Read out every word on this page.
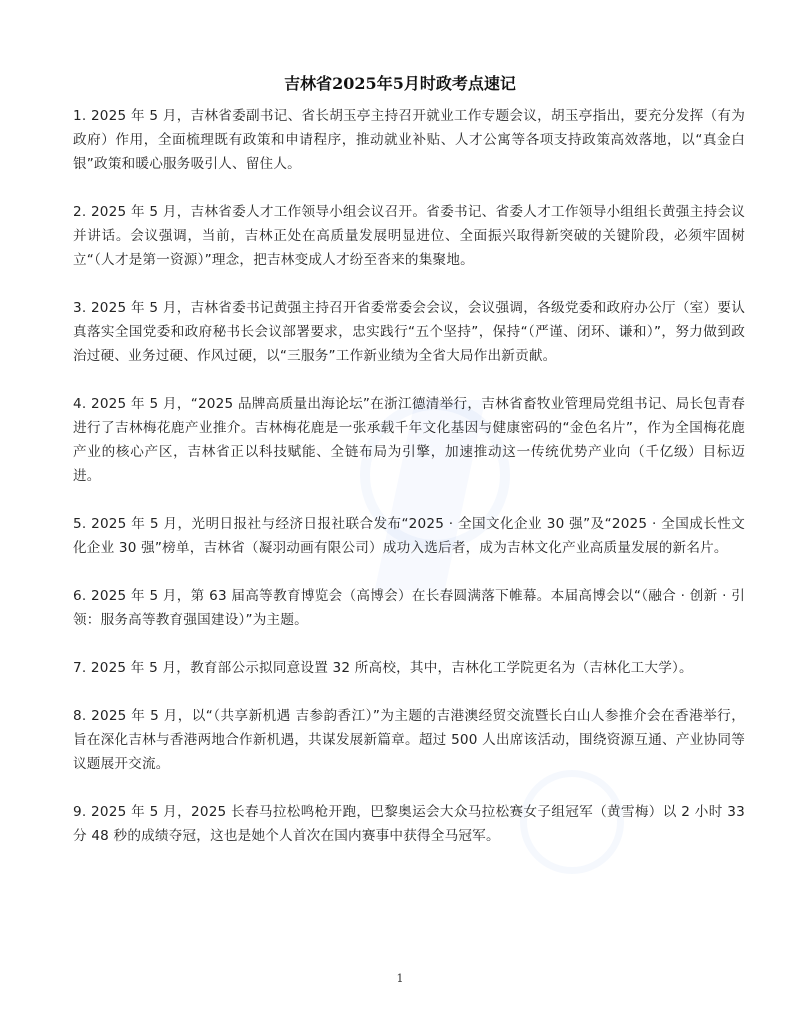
吉林省2025年5月时政考点速记

1. 2025 年 5 月，吉林省委副书记、省长胡玉亭主持召开就业工作专题会议，胡玉亭指出，要充分发挥（有为政府）作用，全面梳理既有政策和申请程序，推动就业补贴、人才公寓等各项支持政策高效落地，以“真金白银”政策和暖心服务吸引人、留住人。

2. 2025 年 5 月，吉林省委人才工作领导小组会议召开。省委书记、省委人才工作领导小组组长黄强主持会议并讲话。会议强调，当前，吉林正处在高质量发展明显进位、全面振兴取得新突破的关键阶段，必须牢固树立“（人才是第一资源）”理念，把吉林变成人才纷至沓来的集聚地。

3. 2025 年 5 月，吉林省委书记黄强主持召开省委常委会会议，会议强调，各级党委和政府办公厅（室）要认真落实全国党委和政府秘书长会议部署要求，忠实践行“五个坚持”，保持“（严谨、闭环、谦和）”，努力做到政治过硬、业务过硬、作风过硬，以“三服务”工作新业绩为全省大局作出新贡献。

4. 2025 年 5 月，“2025 品牌高质量出海论坛”在浙江德清举行，吉林省畜牧业管理局党组书记、局长包青春进行了吉林梅花鹿产业推介。吉林梅花鹿是一张承载千年文化基因与健康密码的“金色名片”，作为全国梅花鹿产业的核心产区，吉林省正以科技赋能、全链布局为引擎，加速推动这一传统优势产业向（千亿级）目标迈进。

5. 2025 年 5 月，光明日报社与经济日报社联合发布“2025 · 全国文化企业 30 强”及“2025 · 全国成长性文化企业 30 强”榜单，吉林省（凝羽动画有限公司）成功入选后者，成为吉林文化产业高质量发展的新名片。

6. 2025 年 5 月，第 63 届高等教育博览会（高博会）在长春圆满落下帷幕。本届高博会以“（融合 · 创新 · 引领：服务高等教育强国建设）”为主题。

7. 2025 年 5 月，教育部公示拟同意设置 32 所高校，其中，吉林化工学院更名为（吉林化工大学）。

8. 2025 年 5 月，以“（共享新机遇 吉参韵香江）”为主题的吉港澳经贸交流暨长白山人参推介会在香港举行，旨在深化吉林与香港两地合作新机遇，共谋发展新篇章。超过 500 人出席该活动，围绕资源互通、产业协同等议题展开交流。

9. 2025 年 5 月，2025 长春马拉松鸣枪开跑，巴黎奥运会大众马拉松赛女子组冠军（黄雪梅）以 2 小时 33 分 48 秒的成绩夺冠，这也是她个人首次在国内赛事中获得全马冠军。

1
